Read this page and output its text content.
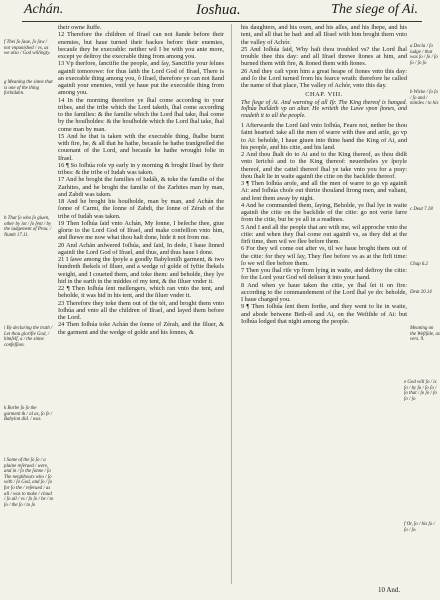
Achán.	Iosħua.	The siege of Ai.

their owne ſtuffe.

12 Therefore the children of Iſrael can not ſtande before their enemies, but haue turned their backes before their enemies, becauſe they be execrable: neither wil I be with you anie more, except ye deſtroy the execrable thing from among you.

13 Vp therfore, ſanctifie the people, and ſay, Sanctifie your ſelues againſt tomorowe: for thus ſaith the Lord God of Iſrael, There is an execrable thing among you, ô Iſrael, therefore ye can not ſtand againſt your enemies, vntil ye haue put the execrable thing from among you.

14 In the morning therefore ye ſhal come according to your tribes, and the tribe which the Lord taketh, ſhal come according to the families: & the familie which the Lord ſhal take, ſhal come by the houſholdes: & the houſholde which the Lord ſhal take, ſhal come man by man.

15 And he that is taken with the execrable thing, ſhalbe burnt with fire, he, & all that he hathe, becauſe he hathe tranſgreſſed the couenant of the Lord, and becauſe he hathe wrought folie in Iſrael.

16 ¶ So Ioſhúa roſe vp early in y morning & broght Iſrael by their tribes: & the tribe of Iudah was taken.

17 And he broght the families of Iudáh, & toke the familie of the Zarhites, and he broght the familie of the Zarhites man by man, and Zabdi was taken.

18 And he broght his houſholde, man by man, and Achán the ſonne of Carmi, the ſonne of Zabdi, the ſonne of Zérah of the tribe of Iudáh was taken.

19 Then Ioſhúa ſaid vnto Achán, My ſonne, I beſeche thee, giue glorie to the Lord God of Iſrael, and make confeſſion vnto him, and ſhewe me now what thou haſt done, hide it not from me.

20 And Achán anſwered Ioſhúa, and ſaid, In dede, I haue ſinned againſt the Lord God of Iſrael, and thus, and thus haue I done.

21 I ſawe among the ſpoyle a goodly Babyloniſh garment, & two hundreth ſhekels of ſiluer, and a wedge of golde of fyftie ſhekels weight, and I coueted them, and toke them: and beholde, they lye hid in the earth in the middes of my tent, & the ſiluer vnder it.

22 ¶ Then Ioſhúa ſent meſſengers, which ran vnto the tent, and beholde, it was hid in his tent, and the ſiluer vnder it.

23 Therefore they toke them out of the tét, and broght them vnto Ioſhúa and vnto all the children of Iſrael, and layed them before the Lord.

24 Then Ioſhúa toke Achán the ſonne of Zérah, and the ſiluer, & the garment and the wedge of golde and his ſonnes, &

his daughters, and his oxen, and his aſſes, and his ſhepe, and his tent, and all that he had: and all Iſrael with him broght them vnto the valley of Achór.

25 And Ioſhúa ſaid, Why haſt thou troubled vs? the Lord ſhal trouble thee this day: and all Iſrael threwe ſtones at him, and burned them with fire, & ſtoned them with ſtones.

26 And they caſt vpon him a great heape of ſtones vnto this day: and ſo the Lord turned from his fearce wrath: therefore he called the name of that place, The valley of Achór, vnto this day.

CHAP. VIII.
The ſiege of Ai. And warning of all Iſr. The King thereof is hanged. Ioſhúa buildeth vp an altar. He writeth the Lawe vpon ſtones, and readeth it to all the people.

1 Afterwarde the Lord ſaid vnto Ioſhúa, Feare not, nether be thou faint hearted: take all the men of warre with thee and ariſe, go vp to Ai: beholde, I haue giuen into thine hand the King of Ai, and his people, and his citie, and his land.

2 And thou ſhalt do to Ai and to the King thereof, as thou didſt vnto Ierichó and to the King thereof: neuertheles ye ſpoyle thereof, and the cattel thereof ſhal ye take vnto you for a pray: thou ſhalt lie in waite againſt the citie on the backſide thereof.

3 ¶ Then Ioſhúa aroſe, and all the men of warre to go vp againſt Ai: and Ioſhúa choſe out thirtie thouſand ſtrong men, and valiant, and ſent them away by night.

4 And he commanded them, ſaying, Beholde, ye ſhal lye in waite againſt the citie on the backſide of the citie: go not verie farre from the citie, but be ye all in a readines.

5 And I and all the people that are with me, wil approche vnto the citie: and when they ſhal come out againſt vs, as they did at the firſt time, then wil we flee before them.

6 For they wil come out after vs, til we haue broght them out of the citie: for they wil ſay, They flee before vs as at the firſt time: ſo we wil flee before them.

7 Then you ſhal riſe vp from lying in waite, and deſtroy the citie: for the Lord your God wil deliuer it into your hand.

8 And when ye haue taken the citie, ye ſhal ſet it on fire: according to the commandement of the Lord ſhal ye do: beholde, I haue charged you.

9 ¶ Then Ioſhúa ſent them forthe, and they went to lie in waite, and abode betwene Beth-él and Ai, on the Weſtſide of Ai: but Ioſhúa lodged that night among the people.

f Thei ſo ſaue, ſo ſaw / not vnpunished / vs, as we also / God willingly.
g Meaning the sinne that is one of the thing forbidden.
h That ſo who ſo giuen, other by lot / ſo ſent / by the iudgement of Prou. / Numb 17.11.
i By declaring the truth / Let thou glorifie God, / himſelf, a / the sinne confeſſion.
k Borbe ſo ſo the garment & / al as, ſo ſe / Babylon did. / was.
l Some of the ſo ſo / a plaine reſerued / were, and in / ſo the ſonne / ſo The neighbours who / ſo with / ſo God, and ſo / ſo for ſo the / reſerued / as all / was to make / cloud / ſo all / vs / ſo ſo / be / to ſo / the ſo / to ſo
a Decla / ſo iudge / that was ſo / ſo / ſo ſo / ſo ſo
b Wicke / ſo ſo / ſo and / mindes / to his
c Deut 7.18
Chap 6.2
Deut 20.14
Meaning on the Weſtſide, as vers. 9.
e God will ſo / is ſo / by ſo / ſo ſo / ſo that / ſo ſo / ſo ſo / ſo
f Or, ſo / his ſo / ſo / ſo.
10 And.
